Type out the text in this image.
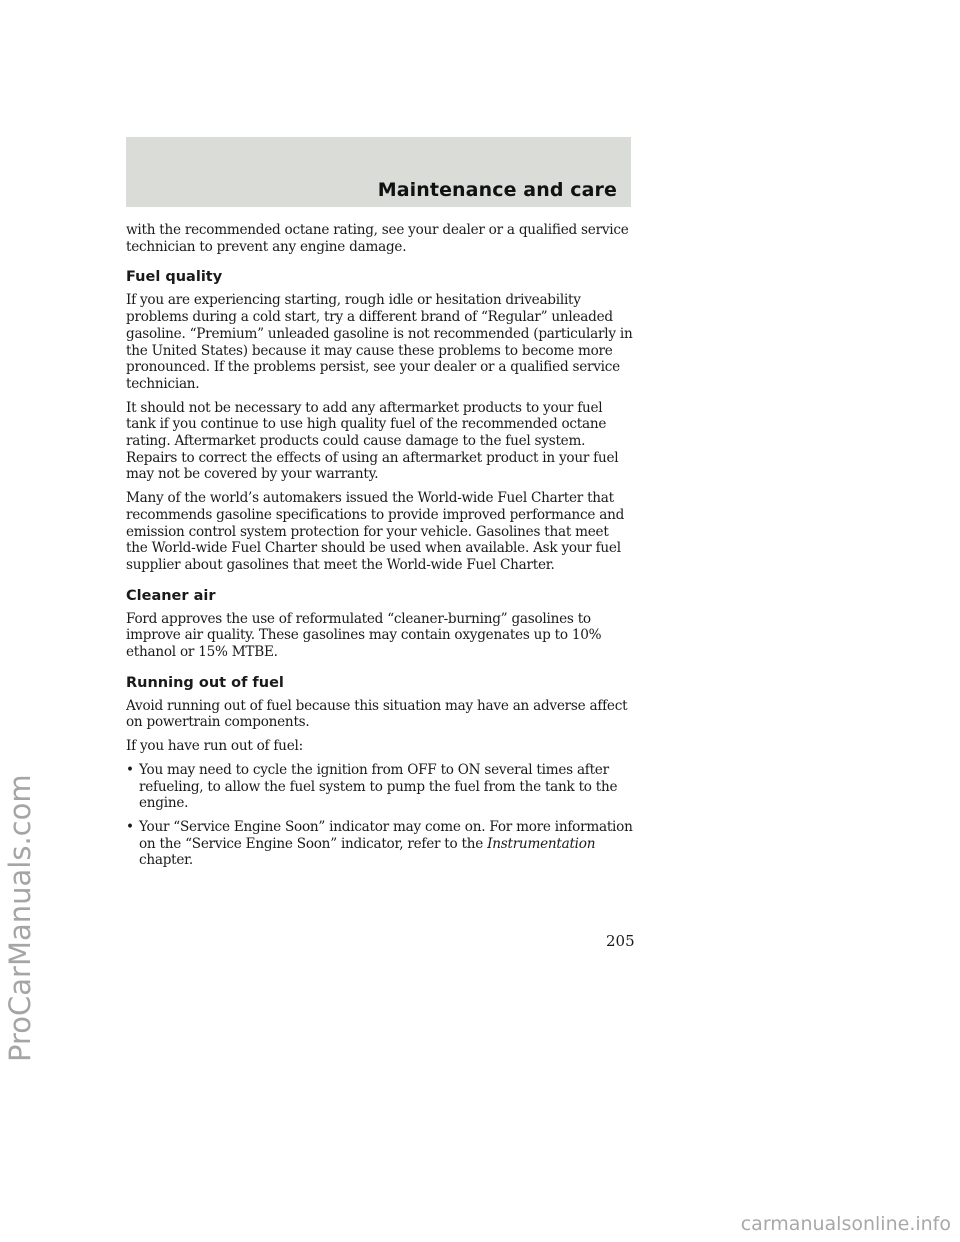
Maintenance and care

with the recommended octane rating, see your dealer or a qualified service technician to prevent any engine damage.

Fuel quality

If you are experiencing starting, rough idle or hesitation driveability problems during a cold start, try a different brand of “Regular” unleaded gasoline. “Premium” unleaded gasoline is not recommended (particularly in the United States) because it may cause these problems to become more pronounced. If the problems persist, see your dealer or a qualified service technician.

It should not be necessary to add any aftermarket products to your fuel tank if you continue to use high quality fuel of the recommended octane rating. Aftermarket products could cause damage to the fuel system. Repairs to correct the effects of using an aftermarket product in your fuel may not be covered by your warranty.

Many of the world’s automakers issued the World-wide Fuel Charter that recommends gasoline specifications to provide improved performance and emission control system protection for your vehicle. Gasolines that meet the World-wide Fuel Charter should be used when available. Ask your fuel supplier about gasolines that meet the World-wide Fuel Charter.

Cleaner air

Ford approves the use of reformulated “cleaner-burning” gasolines to improve air quality. These gasolines may contain oxygenates up to 10% ethanol or 15% MTBE.

Running out of fuel

Avoid running out of fuel because this situation may have an adverse affect on powertrain components.

If you have run out of fuel:

• You may need to cycle the ignition from OFF to ON several times after refueling, to allow the fuel system to pump the fuel from the tank to the engine.
• Your “Service Engine Soon” indicator may come on. For more information on the “Service Engine Soon” indicator, refer to the Instrumentation chapter.
205
ProCarManuals.com
carmanualsonline.info
